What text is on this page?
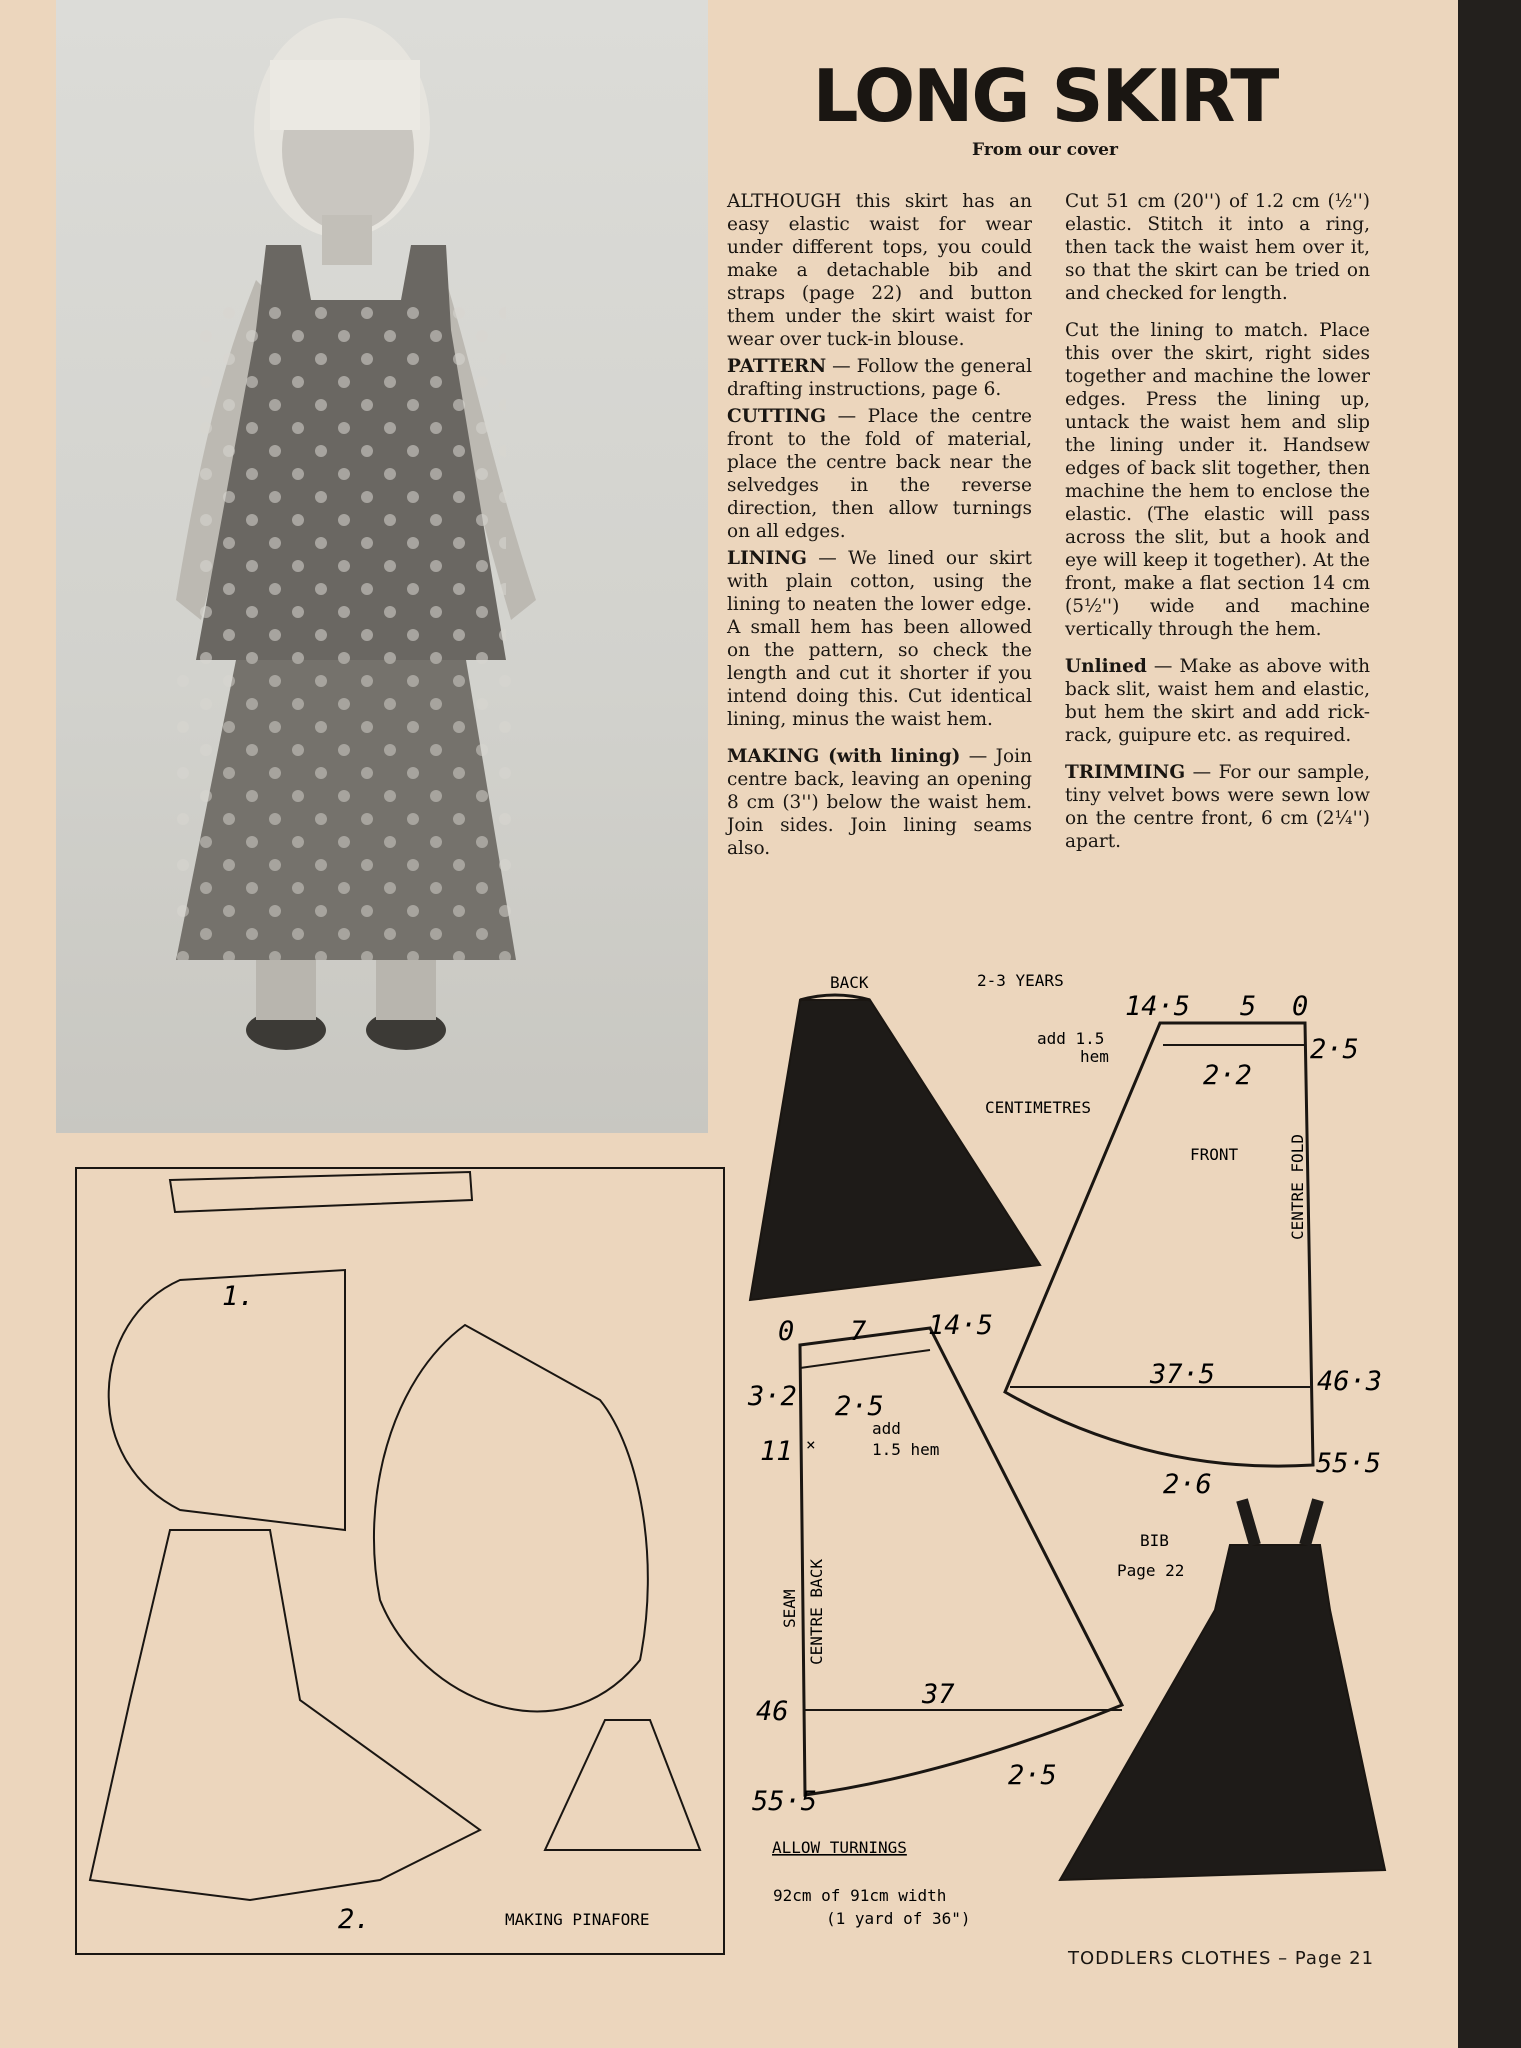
LONG SKIRT
From our cover

ALTHOUGH this skirt has an easy elastic waist for wear under different tops, you could make a detachable bib and straps (page 22) and button them under the skirt waist for wear over tuck-in blouse.

PATTERN — Follow the general drafting instructions, page 6.

CUTTING — Place the centre front to the fold of material, place the centre back near the selvedges in the reverse direction, then allow turnings on all edges.

LINING — We lined our skirt with plain cotton, using the lining to neaten the lower edge. A small hem has been allowed on the pattern, so check the length and cut it shorter if you intend doing this. Cut identical lining, minus the waist hem.

MAKING (with lining) — Join centre back, leaving an opening 8 cm (3'') below the waist hem. Join sides. Join lining seams also.

Cut 51 cm (20'') of 1.2 cm (½'') elastic. Stitch it into a ring, then tack the waist hem over it, so that the skirt can be tried on and checked for length.

Cut the lining to match. Place this over the skirt, right sides together and machine the lower edges. Press the lining up, untack the waist hem and slip the lining under it. Handsew edges of back slit together, then machine the hem to enclose the elastic. (The elastic will pass across the slit, but a hook and eye will keep it together). At the front, make a flat section 14 cm (5½'') wide and machine vertically through the hem.

Unlined — Make as above with back slit, waist hem and elastic, but hem the skirt and add rick-rack, guipure etc. as required.

TRIMMING — For our sample, tiny velvet bows were sewn low on the centre front, 6 cm (2¼'') apart.

BACK	2-3 YEARS
add 1.5
hem
CENTIMETRES
FRONT	CENTRE FOLD
14·5 5 0
2·5
2·2
37·5	46·3
55·5
2·6
0 7 14·5
3·2 2·5
add
1.5 hem
11 ×
SEAM CENTRE BACK
37
46
55·5
2·5
BIB
Page 22
ALLOW TURNINGS
92cm of 91cm width
(1 yard of 36")
1.
2.	MAKING PINAFORE
TODDLERS CLOTHES – Page 21
